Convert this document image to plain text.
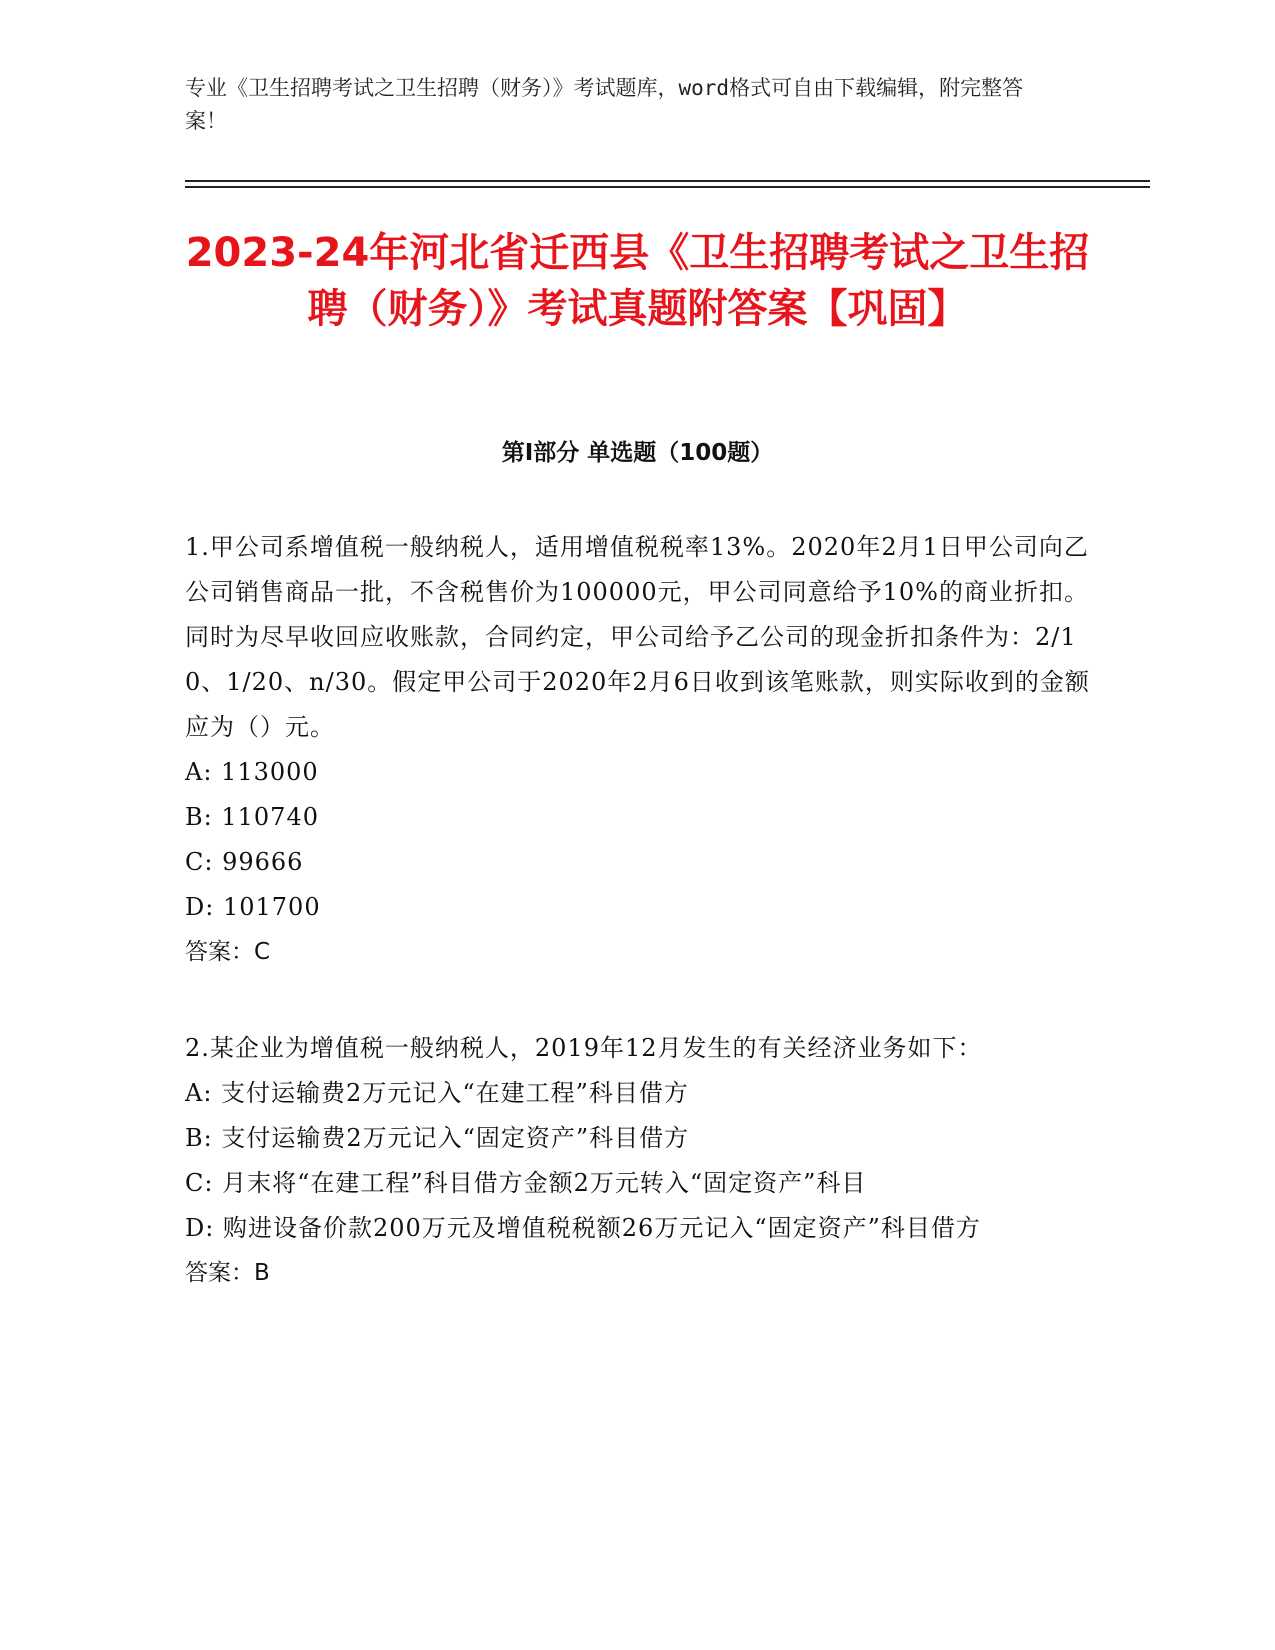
专业《卫生招聘考试之卫生招聘（财务）》考试题库，word格式可自由下载编辑，附完整答案！
2023-24年河北省迁西县《卫生招聘考试之卫生招聘（财务）》考试真题附答案【巩固】
第I部分 单选题（100题）
1.甲公司系增值税一般纳税人，适用增值税税率13%。2020年2月1日甲公司向乙公司销售商品一批，不含税售价为100000元，甲公司同意给予10%的商业折扣。同时为尽早收回应收账款，合同约定，甲公司给予乙公司的现金折扣条件为：2/10、1/20、n/30。假定甲公司于2020年2月6日收到该笔账款，则实际收到的金额应为（）元。
A: 113000
B: 110740
C: 99666
D: 101700
答案：C
2.某企业为增值税一般纳税人，2019年12月发生的有关经济业务如下：
A: 支付运输费2万元记入“在建工程”科目借方
B: 支付运输费2万元记入“固定资产”科目借方
C: 月末将“在建工程”科目借方金额2万元转入“固定资产”科目
D: 购进设备价款200万元及增值税税额26万元记入“固定资产”科目借方
答案：B
